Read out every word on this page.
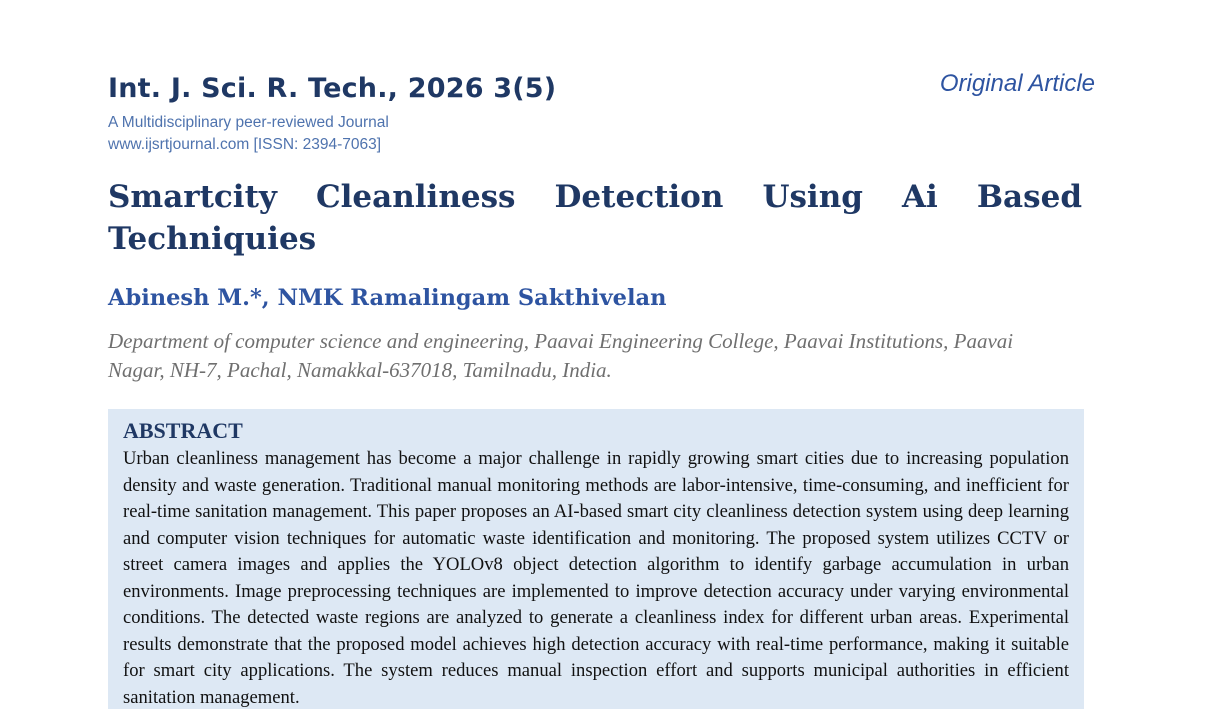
Int. J. Sci. R. Tech., 2026 3(5)
A Multidisciplinary peer-reviewed Journal
www.ijsrtjournal.com [ISSN: 2394-7063]
Original Article
Smartcity Cleanliness Detection Using Ai Based
Techniquies
Abinesh M.*, NMK Ramalingam Sakthivelan
Department of computer science and engineering, Paavai Engineering College, Paavai Institutions, Paavai Nagar, NH-7, Pachal, Namakkal-637018, Tamilnadu, India.
ABSTRACT
Urban cleanliness management has become a major challenge in rapidly growing smart cities due to increasing population density and waste generation. Traditional manual monitoring methods are labor-intensive, time-consuming, and inefficient for real-time sanitation management. This paper proposes an AI-based smart city cleanliness detection system using deep learning and computer vision techniques for automatic waste identification and monitoring. The proposed system utilizes CCTV or street camera images and applies the YOLOv8 object detection algorithm to identify garbage accumulation in urban environments. Image preprocessing techniques are implemented to improve detection accuracy under varying environmental conditions. The detected waste regions are analyzed to generate a cleanliness index for different urban areas. Experimental results demonstrate that the proposed model achieves high detection accuracy with real-time performance, making it suitable for smart city applications. The system reduces manual inspection effort and supports municipal authorities in efficient sanitation management.
